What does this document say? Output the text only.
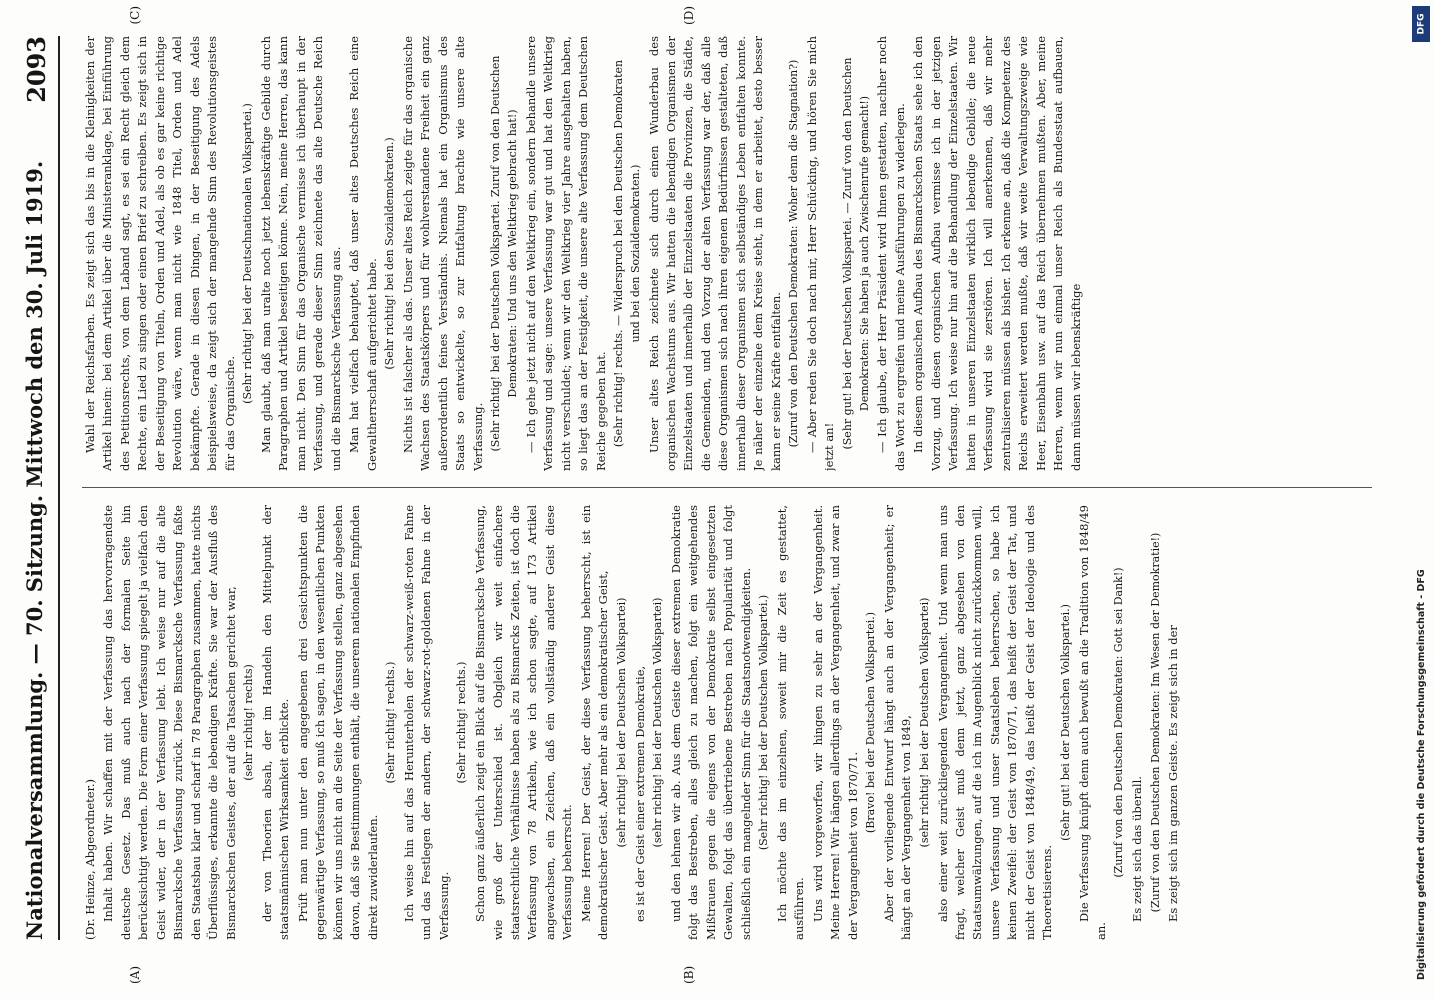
Nationalversammlung. — 70. Sitzung. Mittwoch den 30. Juli 1919.
2093
(A)	(B)

(Dr. Heinze, Abgeordneter.) Inhalt haben. Wir schaffen mit der Verfassung das hervorragendste deutsche Gesetz. Das muß auch nach der formalen Seite hin berücksichtigt werden. Die Form einer Verfassung spiegelt ja vielfach den Geist wider, der in der Verfassung lebt. Ich weise nur auf die alte Bismarcksche Verfassung zurück. Diese Bismarcksche Verfassung faßte den Staatsbau klar und scharf in 78 Paragraphen zusammen, hatte nichts Überflüssiges, erkannte die lebendigen Kräfte. Sie war der Ausfluß des Bismarckschen Geistes, der auf die Tatsachen gerichtet war, (sehr richtig! rechts) der von Theorien absah, der im Handeln den Mittelpunkt der staatsmännischen Wirksamkeit erblickte. Prüft man nun unter den angegebenen drei Gesichtspunkten die gegenwärtige Verfassung, so muß ich sagen, in den wesentlichen Punkten können wir uns nicht an die Seite der Verfassung stellen, ganz abgesehen davon, daß sie Bestimmungen enthält, die unserem nationalen Empfinden direkt zuwiderlaufen.

(Sehr richtig! rechts.) Ich weise hin auf das Herunterholen der schwarz-weiß-roten Fahne und das Festlegen der andern, der schwarz-rot-goldenen Fahne in der Verfassung.

(Sehr richtig! rechts.) Schon ganz äußerlich zeigt ein Blick auf die Bismarcksche Verfassung, wie groß der Unterschied ist. Obgleich wir weit einfachere staatsrechtliche Verhältnisse haben als zu Bismarcks Zeiten, ist doch die Verfassung von 78 Artikeln, wie ich schon sagte, auf 173 Artikel angewachsen, ein Zeichen, daß ein vollständig anderer Geist diese Verfassung beherrscht. Meine Herren! Der Geist, der diese Verfassung beherrscht, ist ein demokratischer Geist. Aber mehr als ein demokratischer Geist, (sehr richtig! bei der Deutschen Volkspartei) es ist der Geist einer extremen Demokratie, (sehr richtig! bei der Deutschen Volkspartei) und den lehnen wir ab. Aus dem Geiste dieser extremen Demokratie folgt das Bestreben, alles gleich zu machen, folgt ein weitgehendes Mißtrauen gegen die eigens von der Demokratie selbst eingesetzten Gewalten, folgt das übertriebene Bestreben nach Popularität und folgt schließlich ein mangelnder Sinn für die Staatsnotwendigkeiten. (Sehr richtig! bei der Deutschen Volkspartei.) Ich möchte das im einzelnen, soweit mir die Zeit es gestattet, ausführen. Uns wird vorgeworfen, wir hingen zu sehr an der Vergangenheit. Meine Herren! Wir hängen allerdings an der Vergangenheit, und zwar an der Vergangenheit von 1870/71.

(Bravo! bei der Deutschen Volkspartei.) Aber der vorliegende Entwurf hängt auch an der Vergangenheit; er hängt an der Vergangenheit von 1849, (sehr richtig! bei der Deutschen Volkspartei) also einer weit zurückliegenden Vergangenheit. Und wenn man uns fragt, welcher Geist muß denn jetzt, ganz abgesehen von den Staatsumwälzungen, auf die ich im Augenblick nicht zurückkommen will, unsere Verfassung und unser Staatsleben beherrschen, so habe ich keinen Zweifel: der Geist von 1870/71, das heißt der Geist der Tat, und nicht der Geist von 1848/49, das heißt der Geist der Ideologie und des Theoretisierens.

(Sehr gut! bei der Deutschen Volkspartei.) Die Verfassung knüpft denn auch bewußt an die Tradition von 1848/49 an.

(Zuruf von den Deutschen Demokraten: Gott sei Dank!) Es zeigt sich das überall. (Zuruf von den Deutschen Demokraten: Im Wesen der Demokratie!) Es zeigt sich im ganzen Geiste. Es zeigt sich in der

Wahl der Reichsfarben. Es zeigt sich das bis in die Kleinigkeiten der Artikel hinein: bei dem Artikel über die Ministeranklage, bei Einführung des Petitionsrechts, von dem Laband sagt, es sei ein Recht gleich dem Rechte, ein Lied zu singen oder einen Brief zu schreiben. Es zeigt sich in der Beseitigung von Titeln, Orden und Adel, als ob es gar keine richtige Revolution wäre, wenn man nicht wie 1848 Titel, Orden und Adel bekämpfte. Gerade in diesen Dingen, in der Beseitigung des Adels beispielsweise, da zeigt sich der mangelnde Sinn des Revolutionsgeistes für das Organische.

(Sehr richtig! bei der Deutschnationalen Volkspartei.) Man glaubt, daß man uralte noch jetzt lebenskräftige Gebilde durch Paragraphen und Artikel beseitigen könne. Nein, meine Herren, das kann man nicht. Den Sinn für das Organische vermisse ich überhaupt in der Verfassung, und gerade dieser Sinn zeichnete das alte Deutsche Reich und die Bismarcksche Verfassung aus. Man hat vielfach behauptet, daß unser altes Deutsches Reich eine Gewaltherrschaft aufgerichtet habe. (Sehr richtig! bei den Sozialdemokraten.) Nichts ist falscher als das. Unser altes Reich zeigte für das organische Wachsen des Staatskörpers und für wohlverstandene Freiheit ein ganz außerordentlich feines Verständnis. Niemals hat ein Organismus des Staats so entwickelte, so zur Entfaltung brachte wie unsere alte Verfassung. (Sehr richtig! bei der Deutschen Volkspartei. Zuruf von den Deutschen Demokraten: Und uns den Weltkrieg gebracht hat!) — Ich gehe jetzt nicht auf den Weltkrieg ein, sondern behandle unsere Verfassung und sage: unsere Verfassung war gut und hat den Weltkrieg nicht verschuldet; wenn wir den Weltkrieg vier Jahre ausgehalten haben, so liegt das an der Festigkeit, die unsere alte Verfassung dem Deutschen Reiche gegeben hat. (Sehr richtig! rechts. — Widerspruch bei den Deutschen Demokraten und bei den Sozialdemokraten.) Unser altes Reich zeichnete sich durch einen Wunderbau des organischen Wachstums aus. Wir hatten die lebendigen Organismen der Einzelstaaten und innerhalb der Einzelstaaten die Provinzen, die Städte, die Gemeinden, und den Vorzug der alten Verfassung war der, daß alle diese Organismen sich nach ihren eigenen Bedürfnissen gestalteten, daß innerhalb dieser Organismen sich selbständiges Leben entfalten konnte. Je näher der einzelne dem Kreise steht, in dem er arbeitet, desto besser kann er seine Kräfte entfalten. (Zuruf von den Deutschen Demokraten: Woher denn die Stagnation?) — Aber reden Sie doch nach mir, Herr Schücking, und hören Sie mich jetzt an! (Sehr gut! bei der Deutschen Volkspartei. — Zuruf von den Deutschen Demokraten: Sie haben ja auch Zwischenrufe gemacht!) — Ich glaube, der Herr Präsident wird Ihnen gestatten, nachher noch das Wort zu ergreifen und meine Ausführungen zu widerlegen. In diesem organischen Aufbau des Bismarckschen Staats sehe ich den Vorzug, und diesen organischen Aufbau vermisse ich in der jetzigen Verfassung. Ich weise nur hin auf die Behandlung der Einzelstaaten. Wir hatten in unseren Einzelstaaten wirklich lebendige Gebilde; die neue Verfassung wird sie zerstören. Ich will anerkennen, daß wir mehr zentralisieren müssen als bisher. Ich erkenne an, daß die Kompetenz des Reichs erweitert werden mußte, daß wir weite Verwaltungszweige wie Heer, Eisenbahn usw. auf das Reich übernehmen mußten. Aber, meine Herren, wenn wir nun einmal unser Reich als Bundesstaat aufbauen, dann müssen wir lebenskräftige

(C)	(D)	DFG
Digitalisierung gefördert durch die Deutsche Forschungsgemeinschaft - DFG
